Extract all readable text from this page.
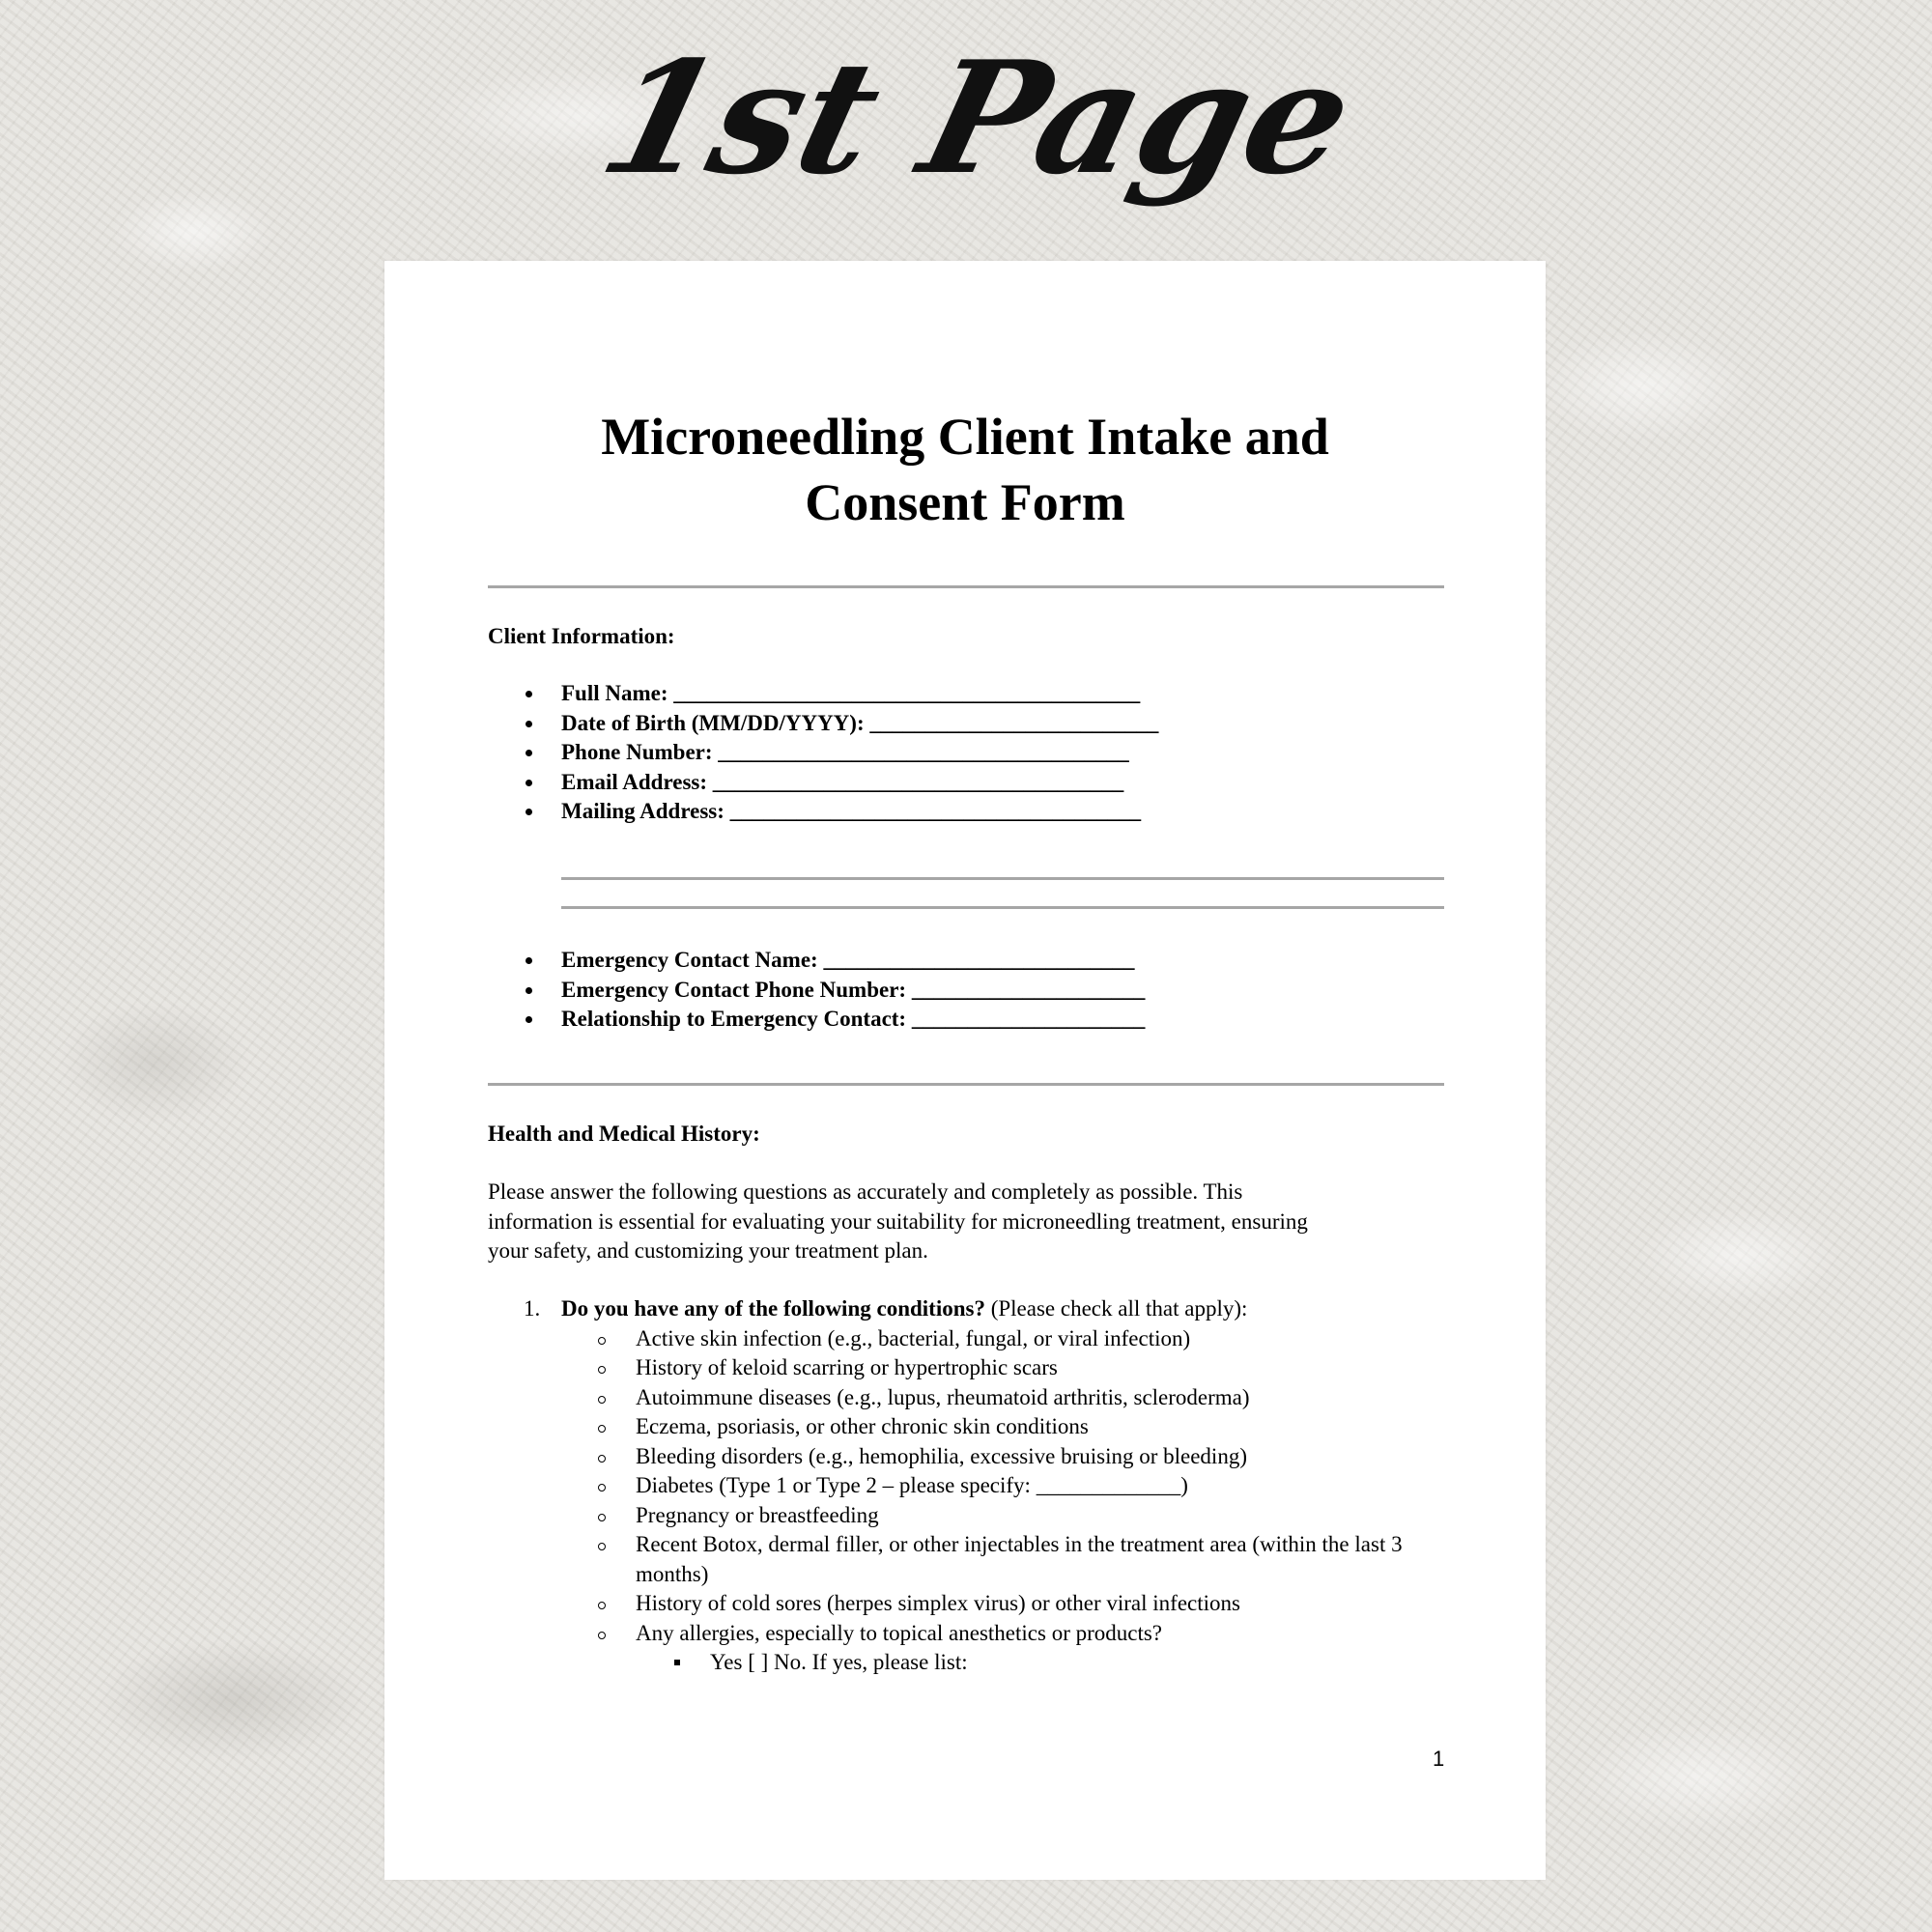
1st Page
Microneedling Client Intake and
Consent Form
Client Information:
Full Name: __________________________________________
Date of Birth (MM/DD/YYYY): __________________________
Phone Number: _____________________________________
Email Address: _____________________________________
Mailing Address: _____________________________________
Emergency Contact Name: ____________________________
Emergency Contact Phone Number: _____________________
Relationship to Emergency Contact: _____________________
Health and Medical History:
Please answer the following questions as accurately and completely as possible. This
information is essential for evaluating your suitability for microneedling treatment, ensuring
your safety, and customizing your treatment plan.
1. Do you have any of the following conditions? (Please check all that apply):
Active skin infection (e.g., bacterial, fungal, or viral infection)
History of keloid scarring or hypertrophic scars
Autoimmune diseases (e.g., lupus, rheumatoid arthritis, scleroderma)
Eczema, psoriasis, or other chronic skin conditions
Bleeding disorders (e.g., hemophilia, excessive bruising or bleeding)
Diabetes (Type 1 or Type 2 – please specify: _____________)
Pregnancy or breastfeeding
Recent Botox, dermal filler, or other injectables in the treatment area (within the last 3 months)
History of cold sores (herpes simplex virus) or other viral infections
Any allergies, especially to topical anesthetics or products?
Yes [ ] No. If yes, please list:
1
